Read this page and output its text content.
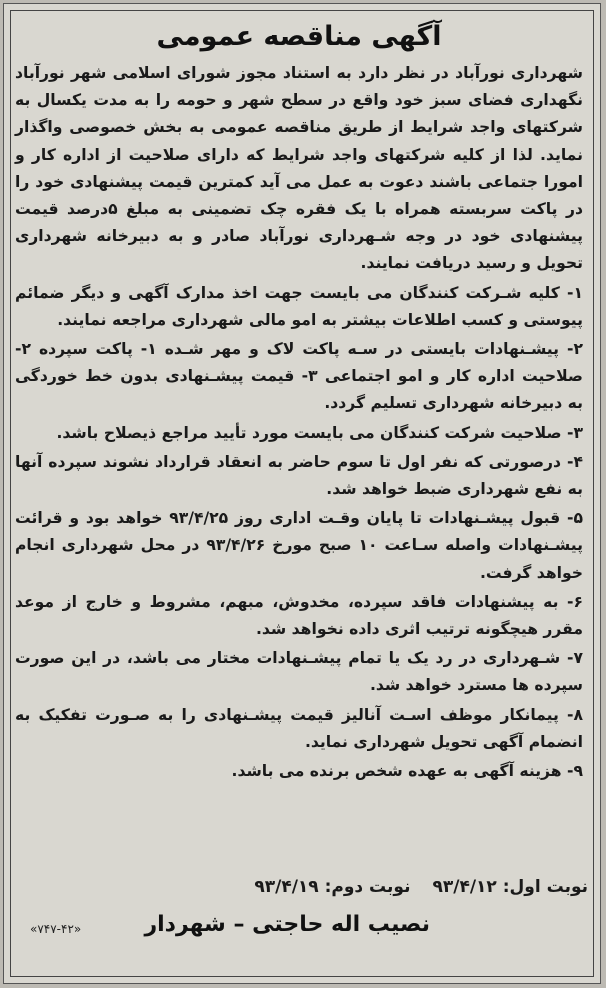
آگهی مناقصه عمومی

شهرداری نورآباد در نظر دارد به استناد مجوز شورای اسلامی شهر نورآباد نگهداری فضای سبز خود واقع در سطح شهر و حومه را به مدت یکسال به شرکتهای واجد شرایط از طریق مناقصه عمومی به بخش خصوصی واگذار نماید. لذا از کلیه شرکتهای واجد شرایط که دارای صلاحیت از اداره کار و امورا جتماعی باشند دعوت به عمل می آید کمترین قیمت پیشنهادی خود را در پاکت سربسته همراه با یک فقره چک تضمینی به مبلغ ۵درصد قیمت پیشنهادی خود در وجه شـهرداری نورآباد صادر و به دبیرخانه شهرداری تحویل و رسید دریافت نمایند.

۱- کلیه شـرکت کنندگان می بایست جهت اخذ مدارک آگهی و دیگر ضمائم پیوستی و کسب اطلاعات بیشتر به امو مالی شهرداری مراجعه نمایند.

۲- پیشـنهادات بایستی در سـه پاکت لاک و مهر شـده ۱- پاکت سپرده ۲- صلاحیت اداره کار و امو اجتماعی ۳- قیمت پیشـنهادی بدون خط خوردگی به دبیرخانه شهرداری تسلیم گردد.

۳- صلاحیت شرکت کنندگان می بایست مورد تأیید مراجع ذیصلاح باشد.

۴- درصورتی که نفر اول تا سوم حاضر به انعقاد قرارداد نشوند سپرده آنها به نفع شهرداری ضبط خواهد شد.

۵- قبول پیشـنهادات تا پایان وقـت اداری روز ۹۳/۴/۲۵ خواهد بود و قرائت پیشـنهادات واصله سـاعت ۱۰ صبح مورخ ۹۳/۴/۲۶ در محل شهرداری انجام خواهد گرفت.

۶- به پیشنهادات فاقد سپرده، مخدوش، مبهم، مشروط و خارج از موعد مقرر هیچگونه ترتیب اثری داده نخواهد شد.

۷- شـهرداری در رد یک یا تمام پیشـنهادات مختار می باشد، در این صورت سپرده ها مسترد خواهد شد.

۸- پیمانکار موظف اسـت آنالیز قیمت پیشـنهادی را به صـورت تفکیک به انضمام آگهی تحویل شهرداری نماید.

۹- هزینه آگهی به عهده شخص برنده می باشد.

نوبت اول: ۹۳/۴/۱۲
نوبت دوم: ۹۳/۴/۱۹
نصیب اله حاجتی – شهردار
«۷۴۷-۴۲»
